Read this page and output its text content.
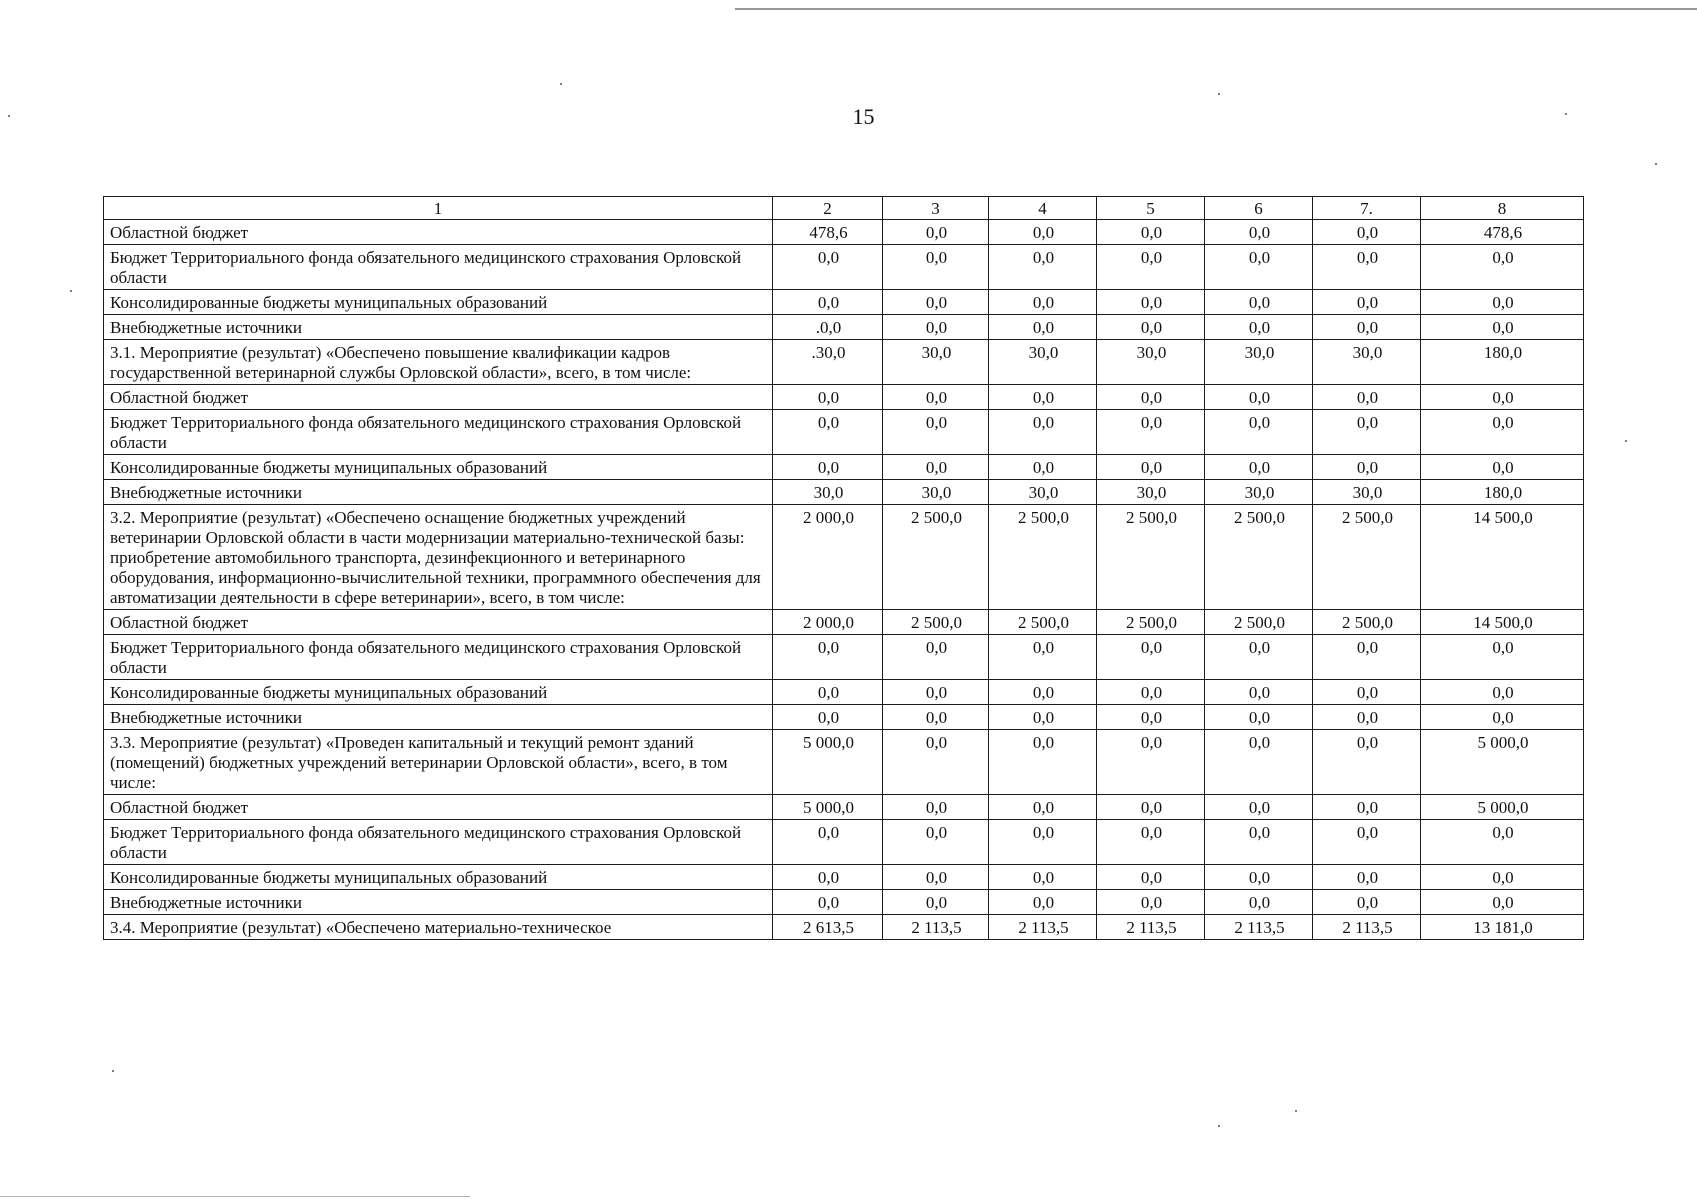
15
1	2	3	4	5	6	7.	8
Областной бюджет	478,6	0,0	0,0	0,0	0,0	0,0	478,6
Бюджет Территориального фонда обязательного медицинского страхования Орловской области	0,0	0,0	0,0	0,0	0,0	0,0	0,0
Консолидированные бюджеты муниципальных образований	0,0	0,0	0,0	0,0	0,0	0,0	0,0
Внебюджетные источники	.0,0	0,0	0,0	0,0	0,0	0,0	0,0
3.1. Мероприятие (результат) «Обеспечено повышение квалификации кадров государственной ветеринарной службы Орловской области», всего, в том числе:	.30,0	30,0	30,0	30,0	30,0	30,0	180,0
Областной бюджет	0,0	0,0	0,0	0,0	0,0	0,0	0,0
Бюджет Территориального фонда обязательного медицинского страхования Орловской области	0,0	0,0	0,0	0,0	0,0	0,0	0,0
Консолидированные бюджеты муниципальных образований	0,0	0,0	0,0	0,0	0,0	0,0	0,0
Внебюджетные источники	30,0	30,0	30,0	30,0	30,0	30,0	180,0
3.2. Мероприятие (результат) «Обеспечено оснащение бюджетных учреждений ветеринарии Орловской области в части модернизации материально-технической базы: приобретение автомобильного транспорта, дезинфекционного и ветеринарного оборудования, информационно-вычислительной техники, программного обеспечения для автоматизации деятельности в сфере ветеринарии», всего, в том числе:	2 000,0	2 500,0	2 500,0	2 500,0	2 500,0	2 500,0	14 500,0
Областной бюджет	2 000,0	2 500,0	2 500,0	2 500,0	2 500,0	2 500,0	14 500,0
Бюджет Территориального фонда обязательного медицинского страхования Орловской области	0,0	0,0	0,0	0,0	0,0	0,0	0,0
Консолидированные бюджеты муниципальных образований	0,0	0,0	0,0	0,0	0,0	0,0	0,0
Внебюджетные источники	0,0	0,0	0,0	0,0	0,0	0,0	0,0
3.3. Мероприятие (результат) «Проведен капитальный и текущий ремонт зданий (помещений) бюджетных учреждений ветеринарии Орловской области», всего, в том числе:	5 000,0	0,0	0,0	0,0	0,0	0,0	5 000,0
Областной бюджет	5 000,0	0,0	0,0	0,0	0,0	0,0	5 000,0
Бюджет Территориального фонда обязательного медицинского страхования Орловской области	0,0	0,0	0,0	0,0	0,0	0,0	0,0
Консолидированные бюджеты муниципальных образований	0,0	0,0	0,0	0,0	0,0	0,0	0,0
Внебюджетные источники	0,0	0,0	0,0	0,0	0,0	0,0	0,0
3.4. Мероприятие (результат) «Обеспечено материально-техническое	2 613,5	2 113,5	2 113,5	2 113,5	2 113,5	2 113,5	13 181,0
